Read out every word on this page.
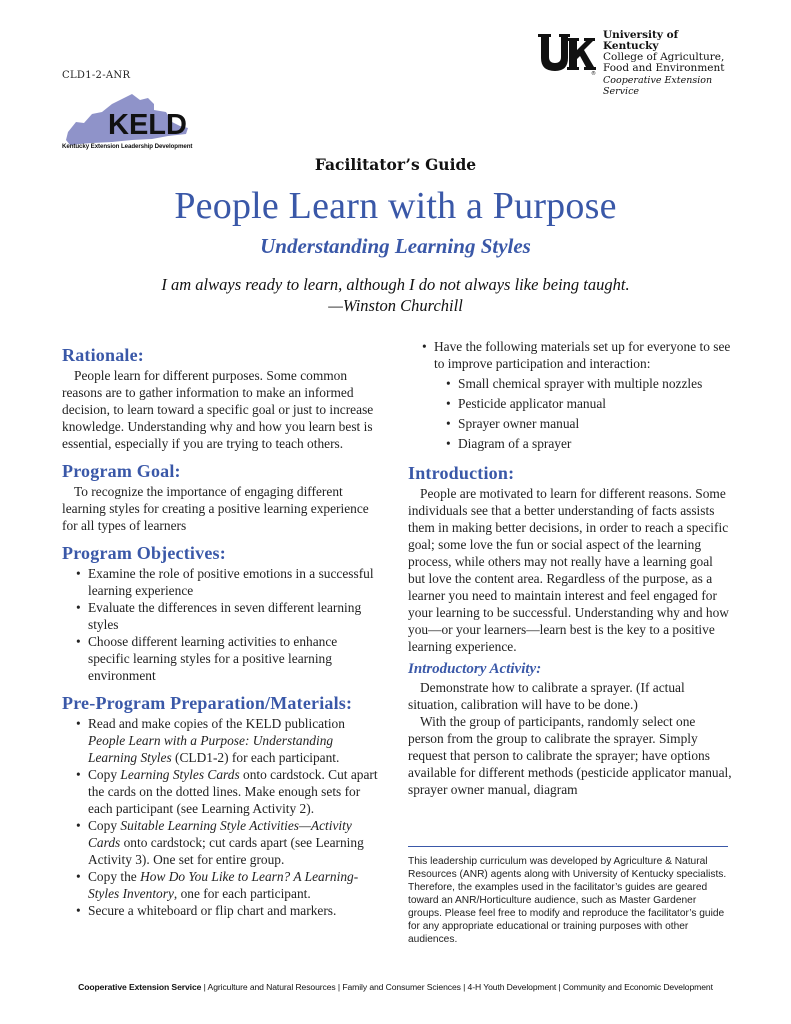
®
University of Kentucky
College of Agriculture,
Food and Environment
Cooperative Extension Service
CLD1-2-ANR
KELD
Kentucky Extension Leadership Development
Facilitator’s Guide
People Learn with a Purpose
Understanding Learning Styles
I am always ready to learn, although I do not always like being taught.
—Winston Churchill
Rationale:

People learn for different purposes. Some common reasons are to gather information to make an informed decision, to learn toward a specific goal or just to increase knowledge. Understanding why and how you learn best is essential, especially if you are trying to teach others.

Program Goal:

To recognize the importance of engaging different learning styles for creating a positive learning experience for all types of learners

Program Objectives:
• Examine the role of positive emotions in a successful learning experience
• Evaluate the differences in seven different learning styles
• Choose different learning activities to enhance specific learning styles for a positive learning environment
Pre-Program Preparation/Materials:
• Read and make copies of the KELD publication People Learn with a Purpose: Understanding Learning Styles (CLD1-2) for each participant.
• Copy Learning Styles Cards onto cardstock. Cut apart the cards on the dotted lines. Make enough sets for each participant (see Learning Activity 2).
• Copy Suitable Learning Style Activities—Activity Cards onto cardstock; cut cards apart (see Learning Activity 3). One set for entire group.
• Copy the How Do You Like to Learn? A Learning-Styles Inventory, one for each participant.
• Secure a whiteboard or flip chart and markers.
• Have the following materials set up for everyone to see to improve participation and interaction:
• Small chemical sprayer with multiple nozzles
• Pesticide applicator manual
• Sprayer owner manual
• Diagram of a sprayer
Introduction:

People are motivated to learn for different reasons. Some individuals see that a better understanding of facts assists them in making better decisions, in order to reach a specific goal; some love the fun or social aspect of the learning process, while others may not really have a learning goal but love the content area. Regardless of the purpose, as a learner you need to maintain interest and feel engaged for your learning to be successful. Understanding why and how you—or your learners—learn best is the key to a positive learning experience.

Introductory Activity:

Demonstrate how to calibrate a sprayer. (If actual situation, calibration will have to be done.)

With the group of participants, randomly select one person from the group to calibrate the sprayer. Simply request that person to calibrate the sprayer; have options available for different methods (pesticide applicator manual, sprayer owner manual, diagram

This leadership curriculum was developed by Agriculture & Natural Resources (ANR) agents along with University of Kentucky specialists. Therefore, the examples used in the facilitator’s guides are geared toward an ANR/Horticulture audience, such as Master Gardener groups. Please feel free to modify and reproduce the facilitator’s guide for any appropriate educational or training purposes with other audiences.
Cooperative Extension Service | Agriculture and Natural Resources | Family and Consumer Sciences | 4-H Youth Development | Community and Economic Development
